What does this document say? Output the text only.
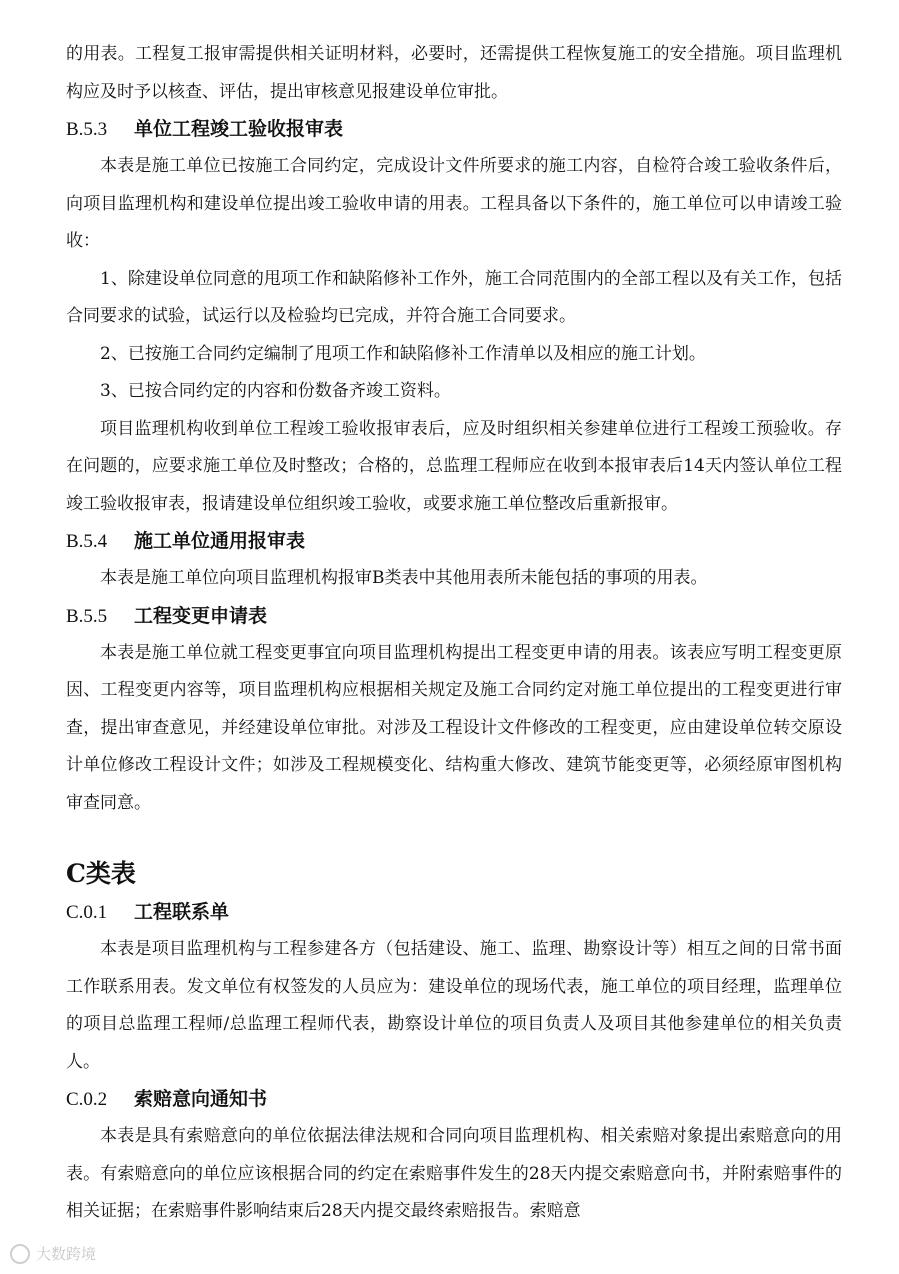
的用表。工程复工报审需提供相关证明材料，必要时，还需提供工程恢复施工的安全措施。项目监理机构应及时予以核查、评估，提出审核意见报建设单位审批。

B.5.3 单位工程竣工验收报审表

本表是施工单位已按施工合同约定，完成设计文件所要求的施工内容，自检符合竣工验收条件后，向项目监理机构和建设单位提出竣工验收申请的用表。工程具备以下条件的，施工单位可以申请竣工验收：

1、除建设单位同意的甩项工作和缺陷修补工作外，施工合同范围内的全部工程以及有关工作，包括合同要求的试验，试运行以及检验均已完成，并符合施工合同要求。

2、已按施工合同约定编制了甩项工作和缺陷修补工作清单以及相应的施工计划。

3、已按合同约定的内容和份数备齐竣工资料。

项目监理机构收到单位工程竣工验收报审表后，应及时组织相关参建单位进行工程竣工预验收。存在问题的，应要求施工单位及时整改；合格的，总监理工程师应在收到本报审表后14天内签认单位工程竣工验收报审表，报请建设单位组织竣工验收，或要求施工单位整改后重新报审。

B.5.4 施工单位通用报审表

本表是施工单位向项目监理机构报审B类表中其他用表所未能包括的事项的用表。

B.5.5 工程变更申请表

本表是施工单位就工程变更事宜向项目监理机构提出工程变更申请的用表。该表应写明工程变更原因、工程变更内容等，项目监理机构应根据相关规定及施工合同约定对施工单位提出的工程变更进行审查，提出审查意见，并经建设单位审批。对涉及工程设计文件修改的工程变更，应由建设单位转交原设计单位修改工程设计文件；如涉及工程规模变化、结构重大修改、建筑节能变更等，必须经原审图机构审查同意。

C类表
C.0.1 工程联系单

本表是项目监理机构与工程参建各方（包括建设、施工、监理、勘察设计等）相互之间的日常书面工作联系用表。发文单位有权签发的人员应为：建设单位的现场代表，施工单位的项目经理，监理单位的项目总监理工程师/总监理工程师代表，勘察设计单位的项目负责人及项目其他参建单位的相关负责人。

C.0.2 索赔意向通知书

本表是具有索赔意向的单位依据法律法规和合同向项目监理机构、相关索赔对象提出索赔意向的用表。有索赔意向的单位应该根据合同的约定在索赔事件发生的28天内提交索赔意向书，并附索赔事件的相关证据；在索赔事件影响结束后28天内提交最终索赔报告。索赔意

大数跨境
